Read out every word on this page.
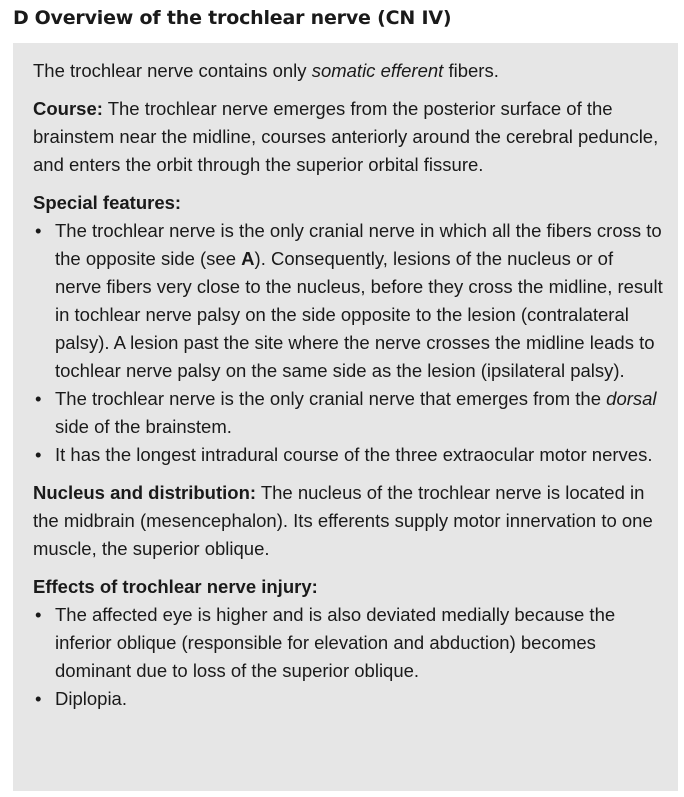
D Overview of the trochlear nerve (CN IV)

The trochlear nerve contains only somatic efferent fibers.

Course: The trochlear nerve emerges from the posterior surface of the brainstem near the midline, courses anteriorly around the cerebral peduncle, and enters the orbit through the superior orbital fissure.

Special features:

• The trochlear nerve is the only cranial nerve in which all the fibers cross to the opposite side (see A). Consequently, lesions of the nucleus or of nerve fibers very close to the nucleus, before they cross the midline, result in tochlear nerve palsy on the side opposite to the lesion (contralateral palsy). A lesion past the site where the nerve crosses the midline leads to tochlear nerve palsy on the same side as the lesion (ipsilateral palsy).
• The trochlear nerve is the only cranial nerve that emerges from the dorsal side of the brainstem.
• It has the longest intradural course of the three extraocular motor nerves.

Nucleus and distribution: The nucleus of the trochlear nerve is located in the midbrain (mesencephalon). Its efferents supply motor innervation to one muscle, the superior oblique.

Effects of trochlear nerve injury:

• The affected eye is higher and is also deviated medially because the inferior oblique (responsible for elevation and abduction) becomes dominant due to loss of the superior oblique.
• Diplopia.
